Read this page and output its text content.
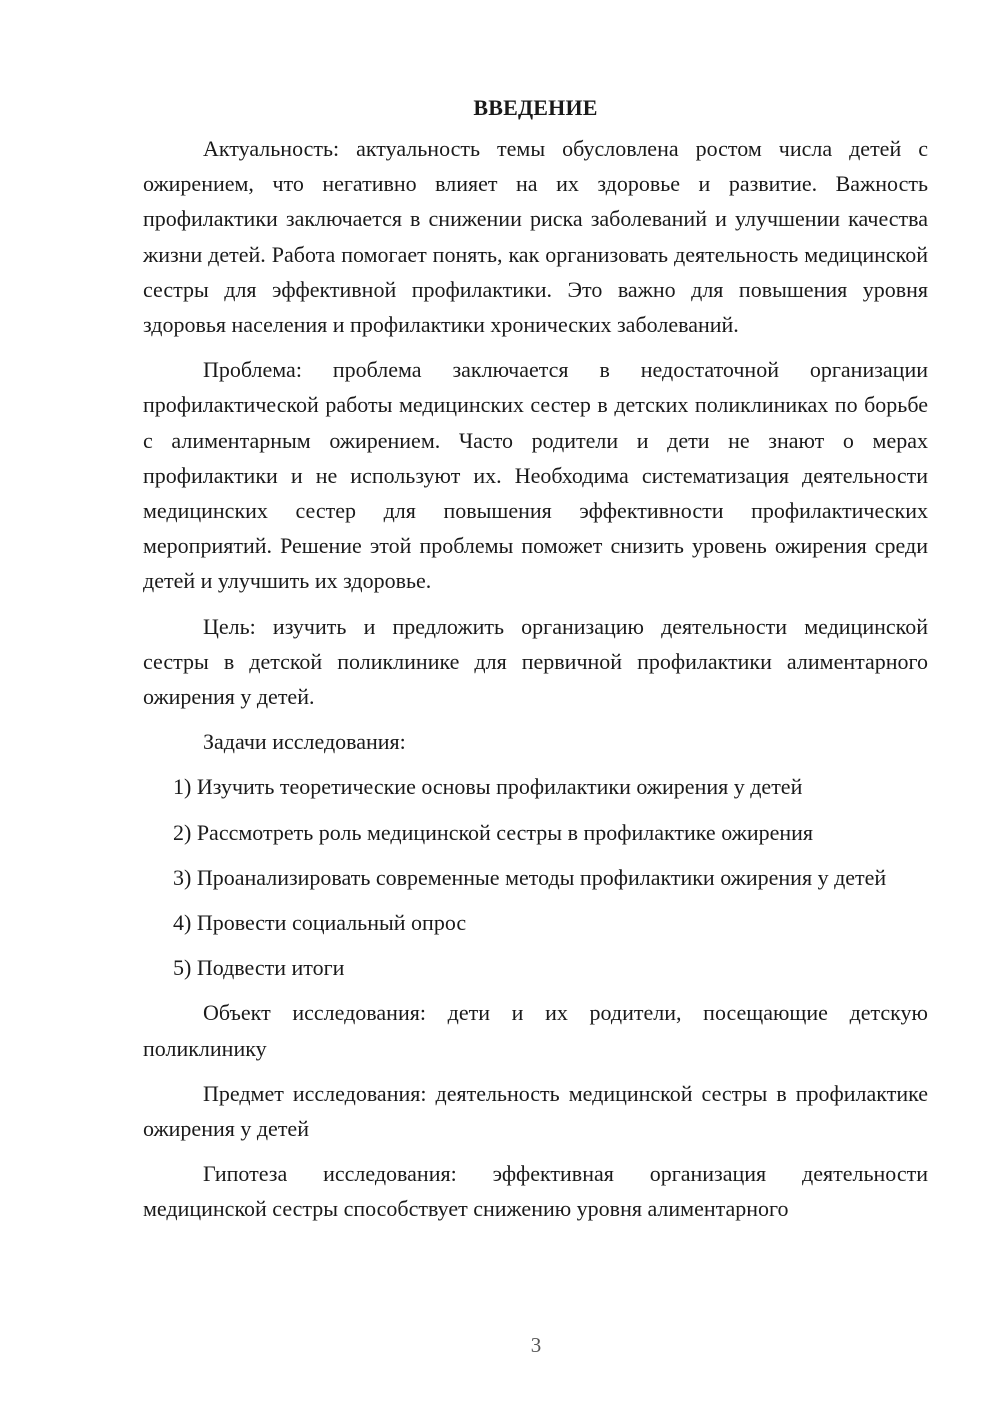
ВВЕДЕНИЕ

Актуальность: актуальность темы обусловлена ростом числа детей с ожирением, что негативно влияет на их здоровье и развитие. Важность профилактики заключается в снижении риска заболеваний и улучшении качества жизни детей. Работа помогает понять, как организовать деятельность медицинской сестры для эффективной профилактики. Это важно для повышения уровня здоровья населения и профилактики хронических заболеваний.

Проблема: проблема заключается в недостаточной организации профилактической работы медицинских сестер в детских поликлиниках по борьбе с алиментарным ожирением. Часто родители и дети не знают о мерах профилактики и не используют их. Необходима систематизация деятельности медицинских сестер для повышения эффективности профилактических мероприятий. Решение этой проблемы поможет снизить уровень ожирения среди детей и улучшить их здоровье.

Цель: изучить и предложить организацию деятельности медицинской сестры в детской поликлинике для первичной профилактики алиментарного ожирения у детей.

Задачи исследования:

1) Изучить теоретические основы профилактики ожирения у детей

2) Рассмотреть роль медицинской сестры в профилактике ожирения

3) Проанализировать современные методы профилактики ожирения у детей

4) Провести социальный опрос

5) Подвести итоги

Объект исследования: дети и их родители, посещающие детскую поликлинику

Предмет исследования: деятельность медицинской сестры в профилактике ожирения у детей

Гипотеза исследования: эффективная организация деятельности медицинской сестры способствует снижению уровня алиментарного

3
